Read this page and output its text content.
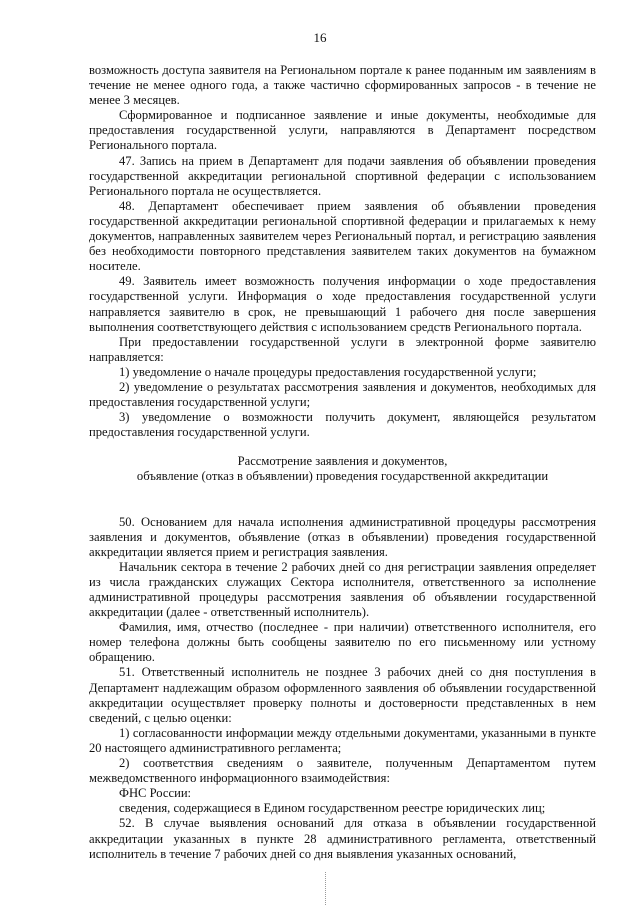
16

возможность доступа заявителя на Региональном портале к ранее поданным им заявлениям в течение не менее одного года, а также частично сформированных запросов - в течение не менее 3 месяцев.

Сформированное и подписанное заявление и иные документы, необходимые для предоставления государственной услуги, направляются в Департамент посредством Регионального портала.

47. Запись на прием в Департамент для подачи заявления об объявлении проведения государственной аккредитации региональной спортивной федерации с использованием Регионального портала не осуществляется.

48. Департамент обеспечивает прием заявления об объявлении проведения государственной аккредитации региональной спортивной федерации и прилагаемых к нему документов, направленных заявителем через Региональный портал, и регистрацию заявления без необходимости повторного представления заявителем таких документов на бумажном носителе.

49. Заявитель имеет возможность получения информации о ходе предоставления государственной услуги. Информация о ходе предоставления государственной услуги направляется заявителю в срок, не превышающий 1 рабочего дня после завершения выполнения соответствующего действия с использованием средств Регионального портала.

При предоставлении государственной услуги в электронной форме заявителю направляется:

1) уведомление о начале процедуры предоставления государственной услуги;

2) уведомление о результатах рассмотрения заявления и документов, необходимых для предоставления государственной услуги;

3) уведомление о возможности получить документ, являющейся результатом предоставления государственной услуги.

Рассмотрение заявления и документов,

объявление (отказ в объявлении) проведения государственной аккредитации

50. Основанием для начала исполнения административной процедуры рассмотрения заявления и документов, объявление (отказ в объявлении) проведения государственной аккредитации является прием и регистрация заявления.

Начальник сектора в течение 2 рабочих дней со дня регистрации заявления определяет из числа гражданских служащих Сектора исполнителя, ответственного за исполнение административной процедуры рассмотрения заявления об объявлении государственной аккредитации (далее - ответственный исполнитель).

Фамилия, имя, отчество (последнее - при наличии) ответственного исполнителя, его номер телефона должны быть сообщены заявителю по его письменному или устному обращению.

51. Ответственный исполнитель не позднее 3 рабочих дней со дня поступления в Департамент надлежащим образом оформленного заявления об объявлении государственной аккредитации осуществляет проверку полноты и достоверности представленных в нем сведений, с целью оценки:

1) согласованности информации между отдельными документами, указанными в пункте 20 настоящего административного регламента;

2) соответствия сведениям о заявителе, полученным Департаментом путем межведомственного информационного взаимодействия:

ФНС России:

сведения, содержащиеся в Едином государственном реестре юридических лиц;

52. В случае выявления оснований для отказа в объявлении государственной аккредитации указанных в пункте 28 административного регламента, ответственный исполнитель в течение 7 рабочих дней со дня выявления указанных оснований,
